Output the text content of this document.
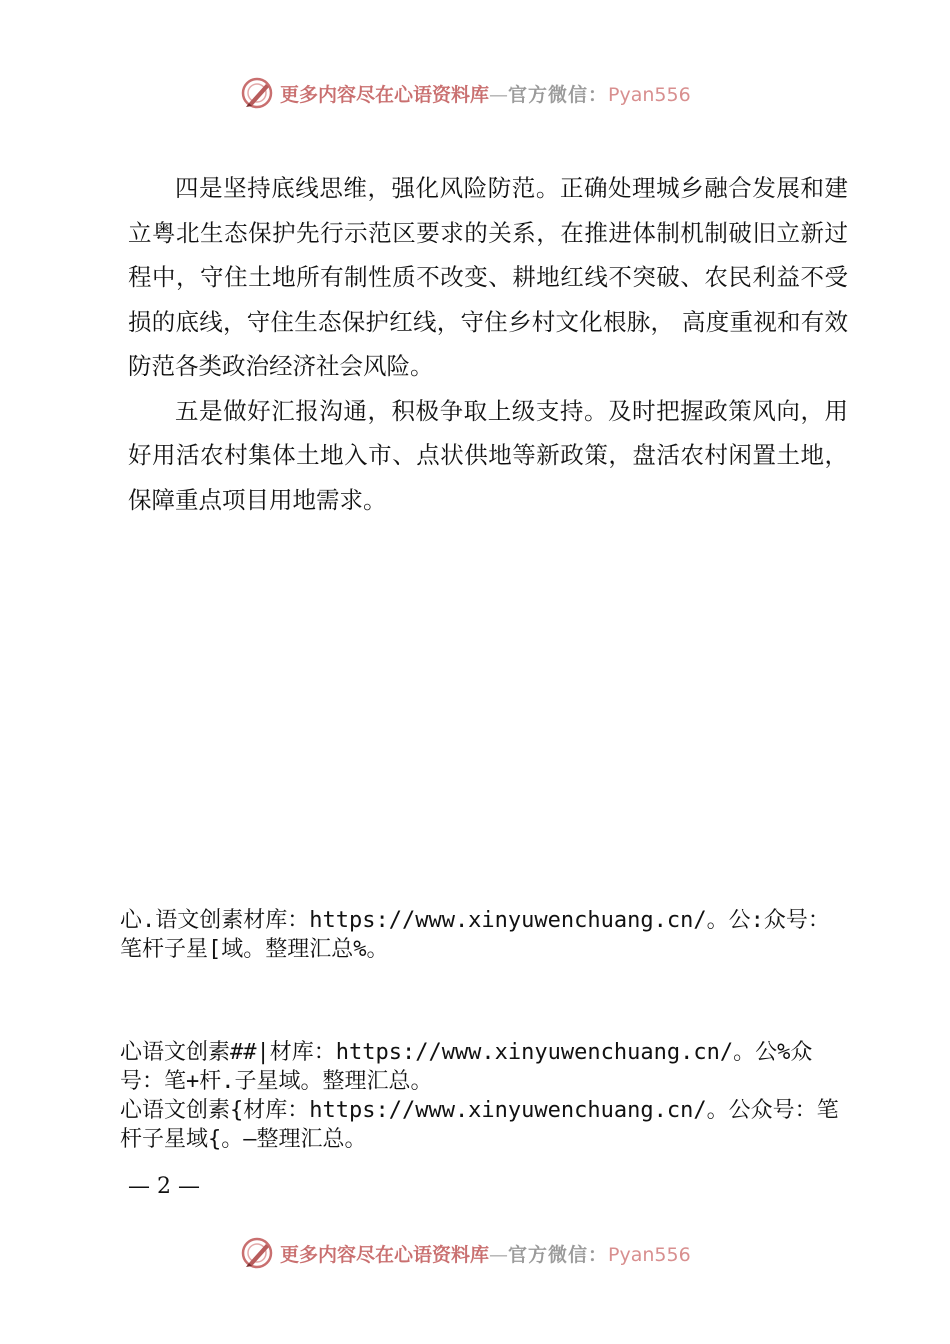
更多内容尽在心语资料库—官方微信：Pyan556

四是坚持底线思维，强化风险防范。正确处理城乡融合发展和建立粤北生态保护先行示范区要求的关系，在推进体制机制破旧立新过程中，守住土地所有制性质不改变、耕地红线不突破、农民利益不受损的底线，守住生态保护红线，守住乡村文化根脉， 高度重视和有效防范各类政治经济社会风险。

五是做好汇报沟通，积极争取上级支持。及时把握政策风向，用好用活农村集体土地入市、点状供地等新政策，盘活农村闲置土地，保障重点项目用地需求。

心.语文创素材库：https://www.xinyuwenchuang.cn/。公:众号：笔杆子星[域。整理汇总%。
心语文创素##|材库：https://www.xinyuwenchuang.cn/。公%众号：笔+杆.子星域。整理汇总。
心语文创素{材库：https://www.xinyuwenchuang.cn/。公众号：笔杆子星域{。—整理汇总。
— 2 —
更多内容尽在心语资料库—官方微信：Pyan556
